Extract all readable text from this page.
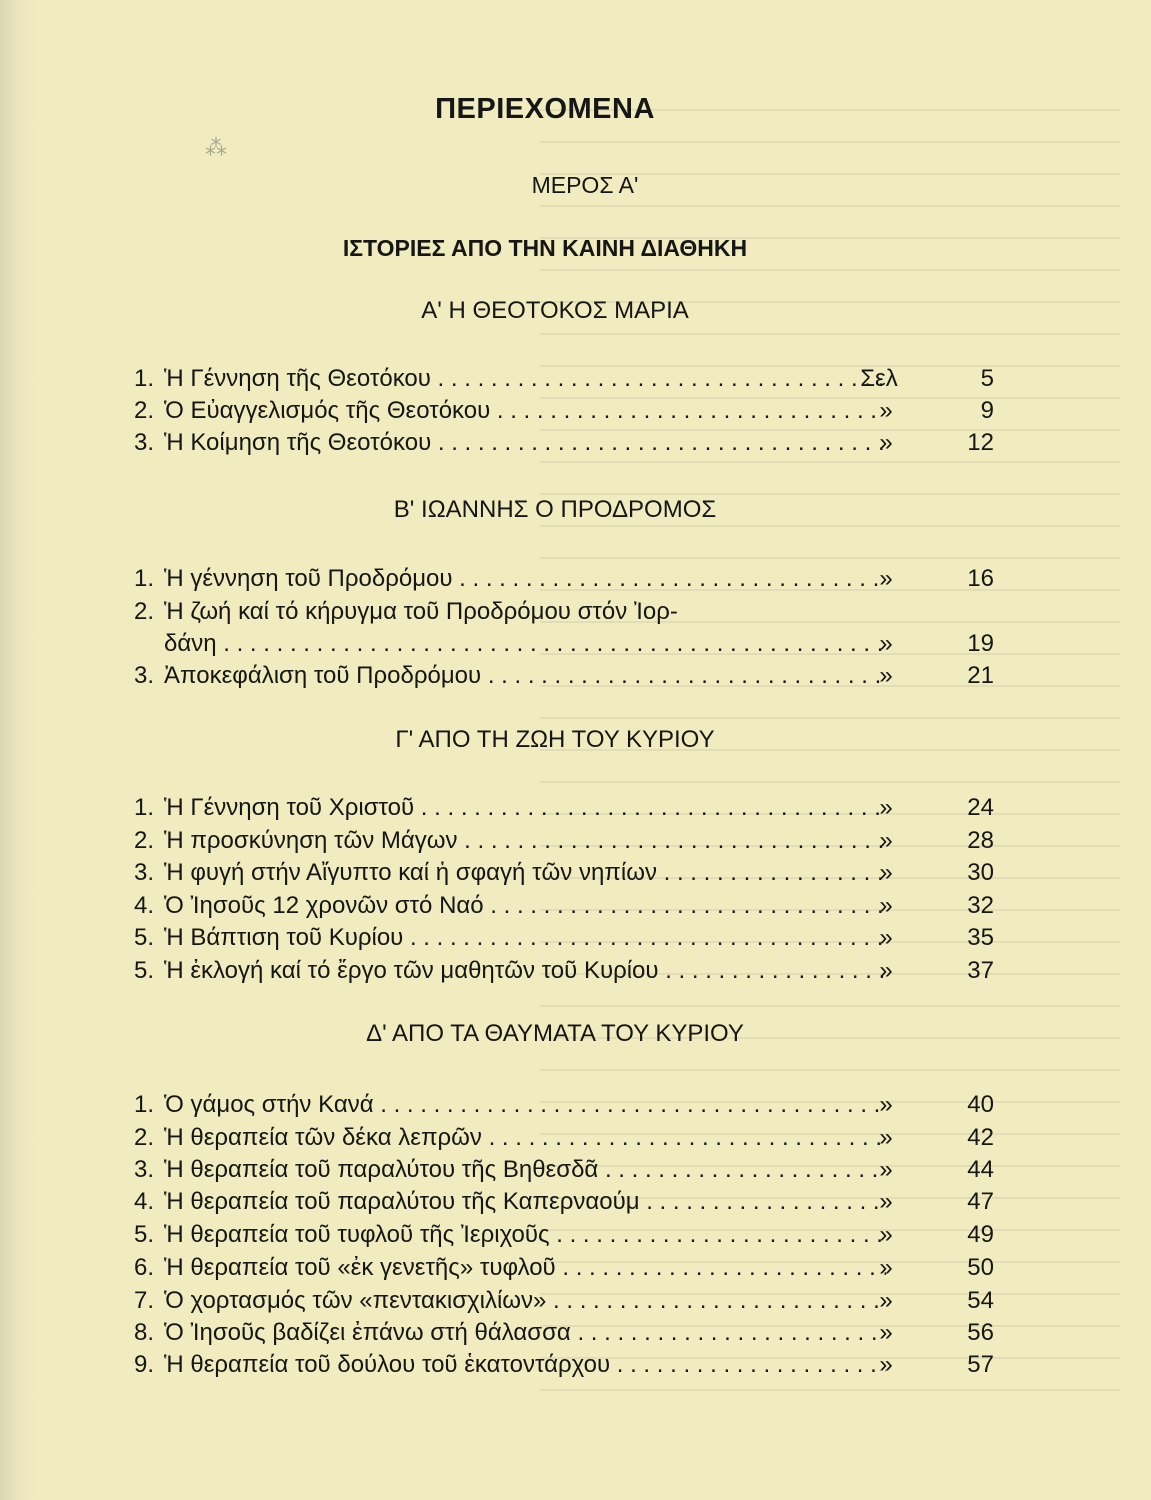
⁂
ΠΕΡΙΕΧΟΜΕΝΑ
ΜΕΡΟΣ Α'
ΙΣΤΟΡΙΕΣ ΑΠΟ ΤΗΝ ΚΑΙΝΗ ΔΙΑΘΗΚΗ
Α' Η ΘΕΟΤΟΚΟΣ ΜΑΡΙΑ
1. Ἡ Γέννηση τῆς Θεοτόκου . . .	Σελ	5
2. Ὁ Εὐαγγελισμός τῆς Θεοτόκου . . .	»	9
3. Ἡ Κοίμηση τῆς Θεοτόκου . . .	»	12
Β' ΙΩΑΝΝΗΣ Ο ΠΡΟΔΡΟΜΟΣ
1. Ἡ γέννηση τοῦ Προδρόμου . . .	»	16
2. Ἡ ζωή καί τό κήρυγμα τοῦ Προδρόμου στόν Ἰορ-
δάνη . . .	»	19
3. Ἀποκεφάλιση τοῦ Προδρόμου . . .	»	21
Γ' ΑΠΟ ΤΗ ΖΩΗ ΤΟΥ ΚΥΡΙΟΥ
1. Ἡ Γέννηση τοῦ Χριστοῦ . . .	»	24
2. Ἡ προσκύνηση τῶν Μάγων . . .	»	28
3. Ἡ φυγή στήν Αἴγυπτο καί ἡ σφαγή τῶν νηπίων . . .	»	30
4. Ὁ Ἰησοῦς 12 χρονῶν στό Ναό . . .	»	32
5. Ἡ Βάπτιση τοῦ Κυρίου . . .	»	35
5. Ἡ ἐκλογή καί τό ἔργο τῶν μαθητῶν τοῦ Κυρίου . . .	»	37
Δ' ΑΠΟ ΤΑ ΘΑΥΜΑΤΑ ΤΟΥ ΚΥΡΙΟΥ
1. Ὁ γάμος στήν Κανά . . .	»	40
2. Ἡ θεραπεία τῶν δέκα λεπρῶν . . .	»	42
3. Ἡ θεραπεία τοῦ παραλύτου τῆς Βηθεσδᾶ . . .	»	44
4. Ἡ θεραπεία τοῦ παραλύτου τῆς Καπερναούμ . . .	»	47
5. Ἡ θεραπεία τοῦ τυφλοῦ τῆς Ἰεριχοῦς . . .	»	49
6. Ἡ θεραπεία τοῦ «ἐκ γενετῆς» τυφλοῦ . . .	»	50
7. Ὁ χορτασμός τῶν «πεντακισχιλίων» . . .	»	54
8. Ὁ Ἰησοῦς βαδίζει ἐπάνω στή θάλασσα . . .	»	56
9. Ἡ θεραπεία τοῦ δούλου τοῦ ἑκατοντάρχου . . .	»	57
